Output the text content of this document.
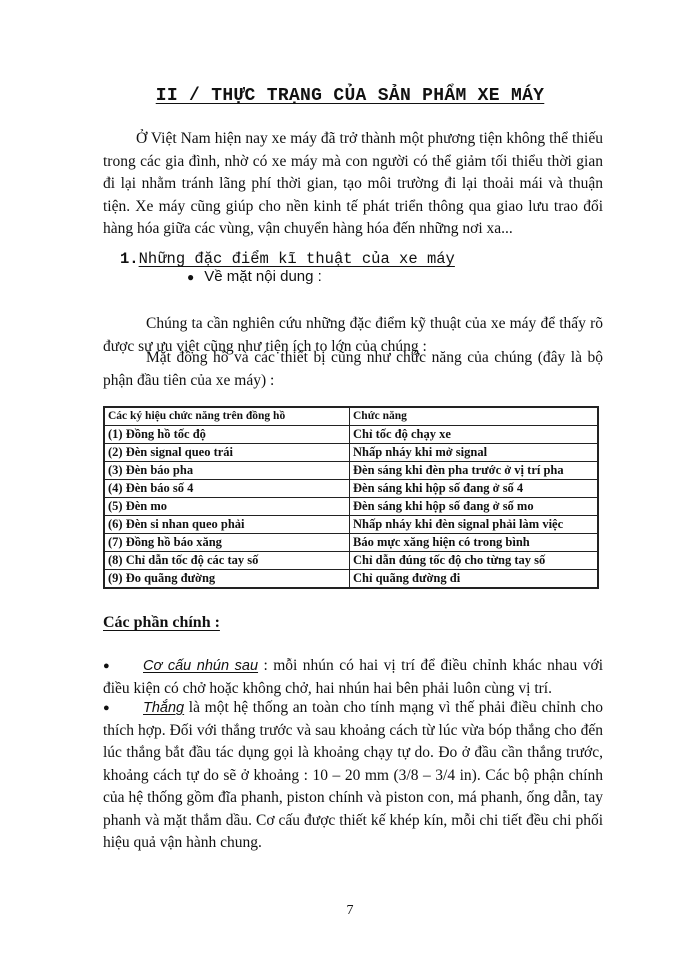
II / THỰC TRẠNG CỦA SẢN PHẨM XE MÁY

Ở Việt Nam hiện nay xe máy đã trở thành một phương tiện không thể thiếu trong các gia đình, nhờ có xe máy mà con người có thể giảm tối thiểu thời gian đi lại nhằm tránh lãng phí thời gian, tạo môi trường đi lại thoải mái và thuận tiện. Xe máy cũng giúp cho nền kinh tế phát triển thông qua giao lưu trao đổi hàng hóa giữa các vùng, vận chuyển hàng hóa đến những nơi xa...

1.Những đặc điểm kĩ thuật của xe máy
● Về mặt nội dung :

Chúng ta cần nghiên cứu những đặc điểm kỹ thuật của xe máy để thấy rõ được sự ưu việt cũng như tiện ích to lớn của chúng :

Mặt đồng hồ và các thiết bị cũng như chức năng của chúng (đây là bộ phận đầu tiên của xe máy) :

Các ký hiệu chức năng trên đồng hồ	Chức năng
(1) Đồng hồ tốc độ	Chỉ tốc độ chạy xe
(2) Đèn signal queo trái	Nhấp nháy khi mở signal
(3) Đèn báo pha	Đèn sáng khi đèn pha trước ở vị trí pha
(4) Đèn báo số 4	Đèn sáng khi hộp số đang ở số 4
(5) Đèn mo	Đèn sáng khi hộp số đang ở số mo
(6) Đèn si nhan queo phải	Nhấp nháy khi đèn signal phải làm việc
(7) Đồng hồ báo xăng	Báo mực xăng hiện có trong bình
(8) Chỉ dẫn tốc độ các tay số	Chỉ dẫn đúng tốc độ cho từng tay số
(9) Đo quãng đường	Chỉ quãng đường đi
Các phần chính :

● Cơ cấu nhún sau : mỗi nhún có hai vị trí để điều chỉnh khác nhau với điều kiện có chở hoặc không chở, hai nhún hai bên phải luôn cùng vị trí.

● Thắng là một hệ thống an toàn cho tính mạng vì thế phải điều chỉnh cho thích hợp. Đối với thắng trước và sau khoảng cách từ lúc vừa bóp thắng cho đến lúc thắng bắt đầu tác dụng gọi là khoảng chạy tự do. Đo ở đầu cần thắng trước, khoảng cách tự do sẽ ở khoảng : 10 – 20 mm (3/8 – 3/4 in). Các bộ phận chính của hệ thống gồm đĩa phanh, piston chính và piston con, má phanh, ống dẫn, tay phanh và mặt thắm dầu. Cơ cấu được thiết kế khép kín, mỗi chi tiết đều chi phối hiệu quả vận hành chung.

7
